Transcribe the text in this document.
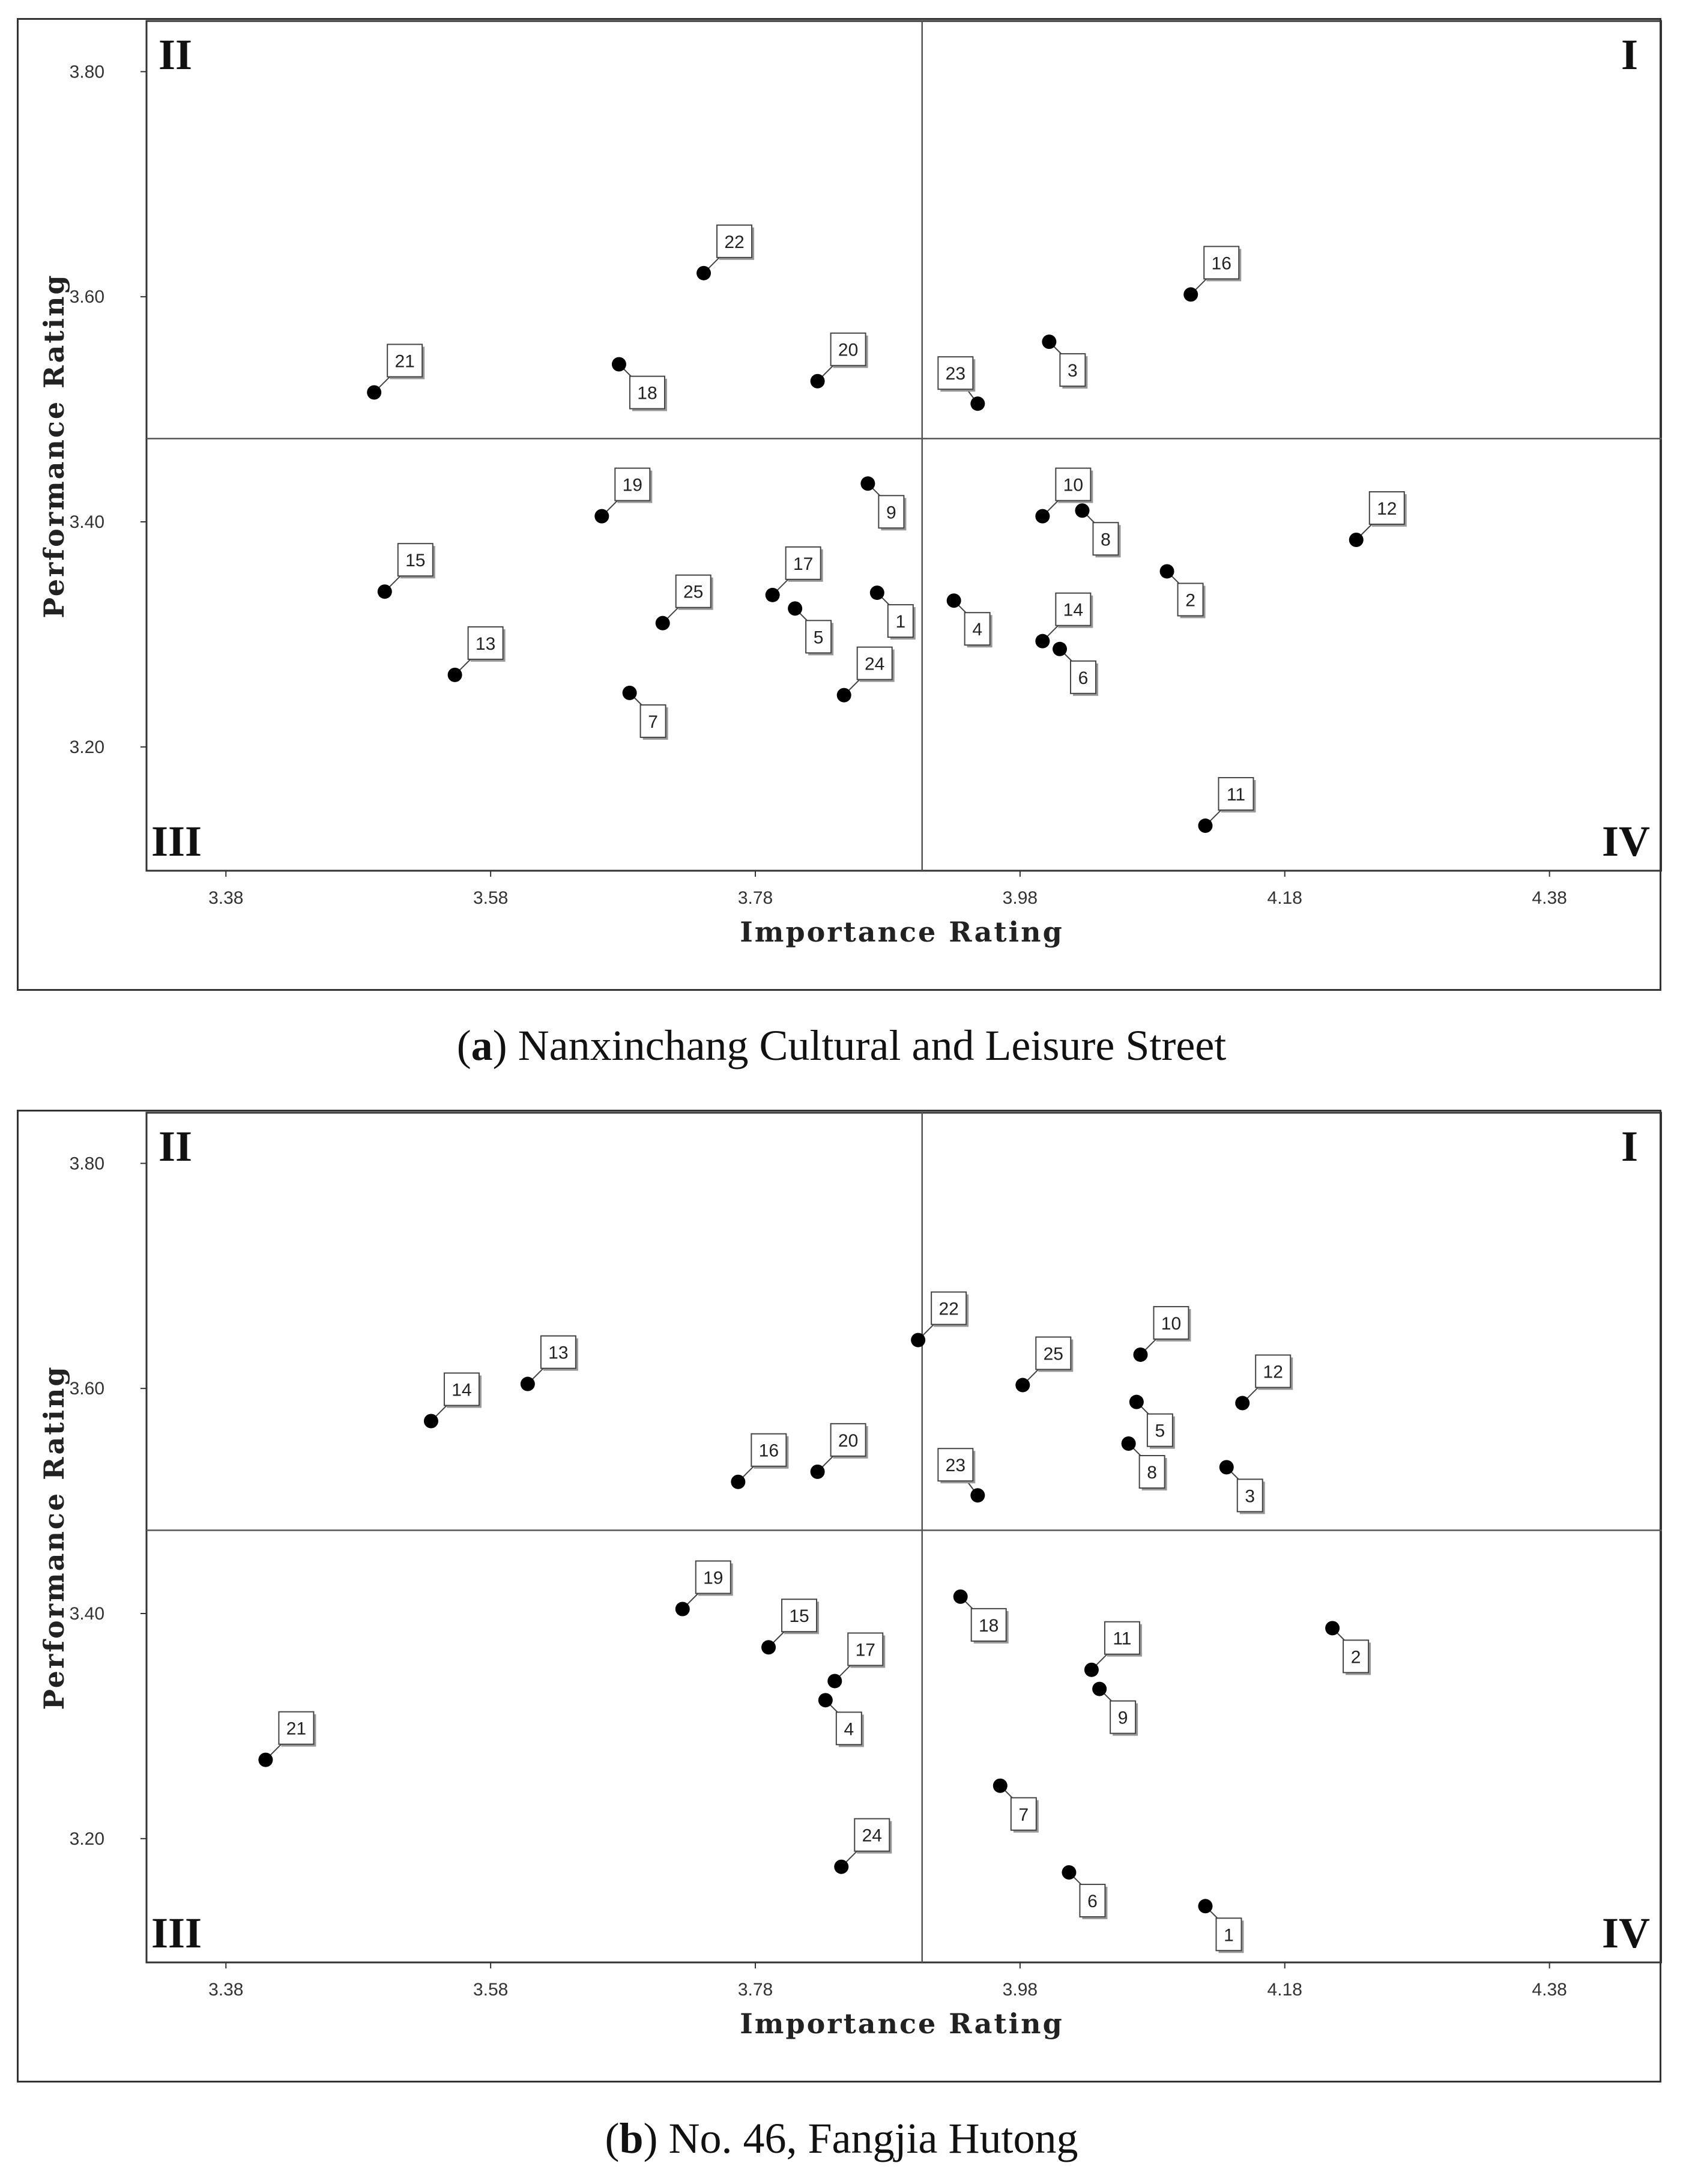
3.38	3.58	3.78	3.98	4.18	4.38
3.80
3.60
3.40
3.20
Importance Rating
Performance Rating
I
II
III	IV
1
2
3
4
5
6
7
8
9
10
11
12
13
14
15
16
17
18
19
20
21
22
23
24
25
(a) Nanxinchang Cultural and Leisure Street
3.38	3.58	3.78	3.98	4.18	4.38
3.80
3.60
3.40
3.20
Importance Rating
Performance Rating
I
II
III	IV
1
2
3
4
5
6
7
8
9
10
11
12
13
14
15
16
17
18
19
20
21
22
23
24
25
(b) No. 46, Fangjia Hutong
